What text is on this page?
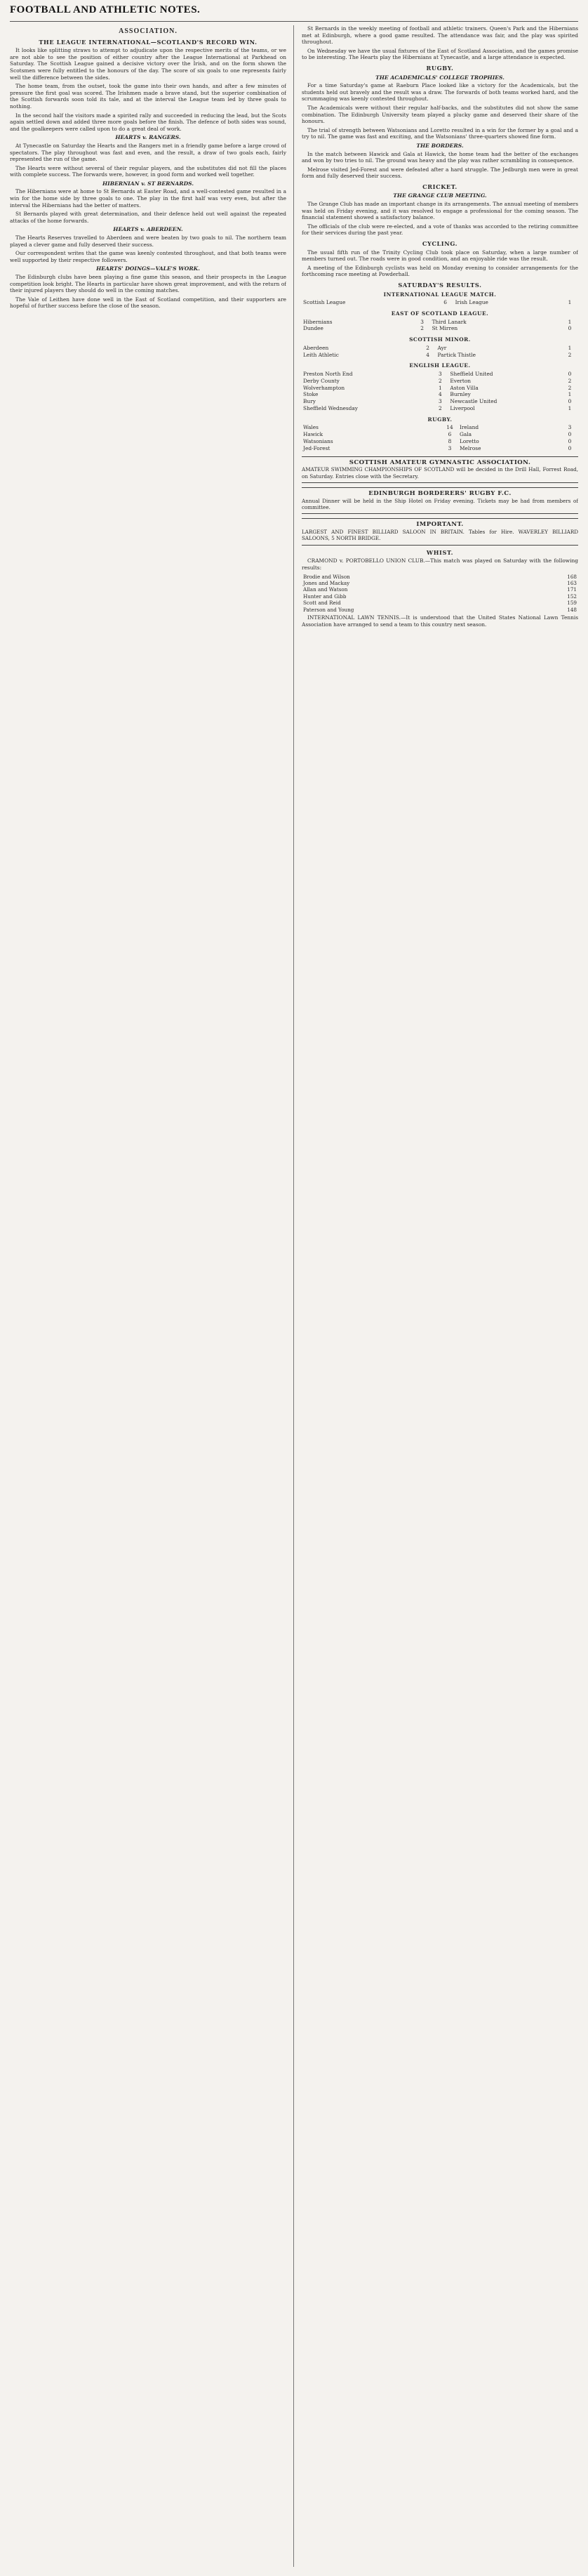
FOOTBALL AND ATHLETIC NOTES.
ASSOCIATION.
THE LEAGUE INTERNATIONAL—SCOTLAND'S RECORD WIN.

It looks like splitting straws to attempt to adjudicate upon the respective merits of the teams, or we are not able to see the position of either country after the League International at Parkhead on Saturday. The Scottish League gained a decisive victory over the Irish, and on the form shown the Scotsmen were fully entitled to the honours of the day. The score of six goals to one represents fairly well the difference between the sides.

The home team, from the outset, took the game into their own hands, and after a few minutes of pressure the first goal was scored. The Irishmen made a brave stand, but the superior combination of the Scottish forwards soon told its tale, and at the interval the League team led by three goals to nothing.

In the second half the visitors made a spirited rally and succeeded in reducing the lead, but the Scots again settled down and added three more goals before the finish. The defence of both sides was sound, and the goalkeepers were called upon to do a great deal of work.

HEARTS v. RANGERS.

At Tynecastle on Saturday the Hearts and the Rangers met in a friendly game before a large crowd of spectators. The play throughout was fast and even, and the result, a draw of two goals each, fairly represented the run of the game.

The Hearts were without several of their regular players, and the substitutes did not fill the places with complete success. The forwards were, however, in good form and worked well together.

HIBERNIAN v. ST BERNARDS.

The Hibernians were at home to St Bernards at Easter Road, and a well-contested game resulted in a win for the home side by three goals to one. The play in the first half was very even, but after the interval the Hibernians had the better of matters.

St Bernards played with great determination, and their defence held out well against the repeated attacks of the home forwards.

HEARTS v. ABERDEEN.

The Hearts Reserves travelled to Aberdeen and were beaten by two goals to nil. The northern team played a clever game and fully deserved their success.

Our correspondent writes that the game was keenly contested throughout, and that both teams were well supported by their respective followers.

HEARTS' DOINGS—VALE'S WORK.

The Edinburgh clubs have been playing a fine game this season, and their prospects in the League competition look bright. The Hearts in particular have shown great improvement, and with the return of their injured players they should do well in the coming matches.

The Vale of Leithen have done well in the East of Scotland competition, and their supporters are hopeful of further success before the close of the season.

St Bernards in the weekly meeting of football and athletic trainers. Queen's Park and the Hibernians met at Edinburgh, where a good game resulted. The attendance was fair, and the play was spirited throughout.

On Wednesday we have the usual fixtures of the East of Scotland Association, and the games promise to be interesting. The Hearts play the Hibernians at Tynecastle, and a large attendance is expected.

RUGBY.
THE ACADEMICALS' COLLEGE TROPHIES.

For a time Saturday's game at Raeburn Place looked like a victory for the Academicals, but the students held out bravely and the result was a draw. The forwards of both teams worked hard, and the scrummaging was keenly contested throughout.

The Academicals were without their regular half-backs, and the substitutes did not show the same combination. The Edinburgh University team played a plucky game and deserved their share of the honours.

The trial of strength between Watsonians and Loretto resulted in a win for the former by a goal and a try to nil. The game was fast and exciting, and the Watsonians' three-quarters showed fine form.

THE BORDERS.

In the match between Hawick and Gala at Hawick, the home team had the better of the exchanges and won by two tries to nil. The ground was heavy and the play was rather scrambling in consequence.

Melrose visited Jed-Forest and were defeated after a hard struggle. The Jedburgh men were in great form and fully deserved their success.

CRICKET.
THE GRANGE CLUB MEETING.

The Grange Club has made an important change in its arrangements. The annual meeting of members was held on Friday evening, and it was resolved to engage a professional for the coming season. The financial statement showed a satisfactory balance.

The officials of the club were re-elected, and a vote of thanks was accorded to the retiring committee for their services during the past year.

CYCLING.

The usual fifth run of the Trinity Cycling Club took place on Saturday, when a large number of members turned out. The roads were in good condition, and an enjoyable ride was the result.

A meeting of the Edinburgh cyclists was held on Monday evening to consider arrangements for the forthcoming race meeting at Powderhall.

SATURDAY'S RESULTS.
INTERNATIONAL LEAGUE MATCH.
Scottish League	6	Irish League	1
EAST OF SCOTLAND LEAGUE.
Hibernians	3	Third Lanark	1
Dundee	2	St Mirren	0
SCOTTISH MINOR.
Aberdeen	2	Ayr	1
Leith Athletic	4	Partick Thistle	2
ENGLISH LEAGUE.
Preston North End	3	Sheffield United	0
Derby County	2	Everton	2
Wolverhampton	1	Aston Villa	2
Stoke	4	Burnley	1
Bury	3	Newcastle United	0
Sheffield Wednesday	2	Liverpool	1
RUGBY.
Wales	14	Ireland	3
Hawick	6	Gala	0
Watsonians	8	Loretto	0
Jed-Forest	3	Melrose	0
SCOTTISH AMATEUR GYMNASTIC ASSOCIATION.
AMATEUR SWIMMING CHAMPIONSHIPS OF SCOTLAND will be decided in the Drill Hall, Forrest Road, on Saturday. Entries close with the Secretary.
EDINBURGH BORDERERS' RUGBY F.C.
Annual Dinner will be held in the Ship Hotel on Friday evening. Tickets may be had from members of committee.
IMPORTANT.
LARGEST AND FINEST BILLIARD SALOON IN BRITAIN. Tables for Hire. WAVERLEY BILLIARD SALOONS, 5 NORTH BRIDGE.
WHIST.

CRAMOND v. PORTOBELLO UNION CLUB.—This match was played on Saturday with the following results:

Brodie and Wilson	168
Jones and Mackay	163
Allan and Watson	171
Hunter and Gibb	152
Scott and Reid	159
Paterson and Young	148

INTERNATIONAL LAWN TENNIS.—It is understood that the United States National Lawn Tennis Association have arranged to send a team to this country next season.
